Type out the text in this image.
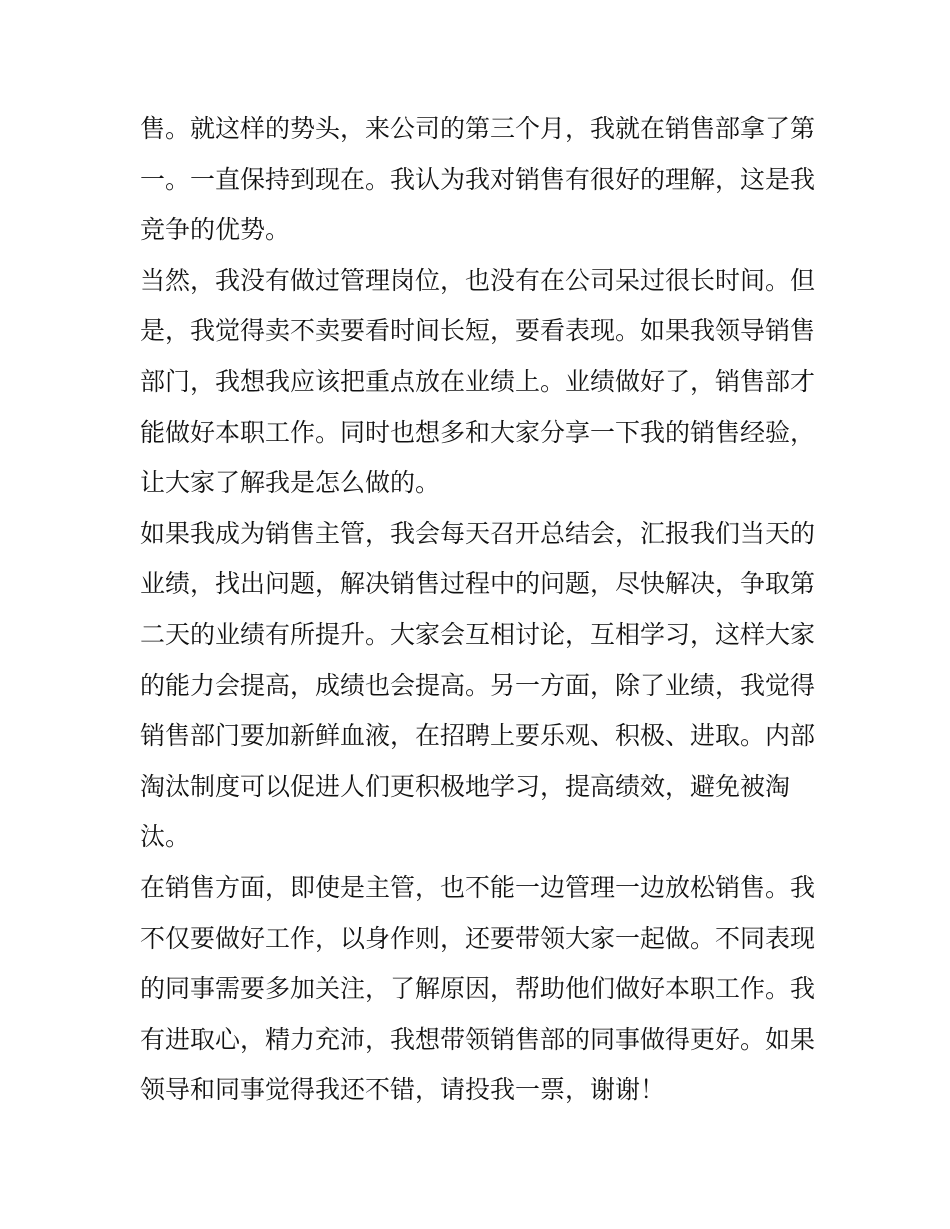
售。就这样的势头，来公司的第三个月，我就在销售部拿了第
一。一直保持到现在。我认为我对销售有很好的理解，这是我
竞争的优势。
当然，我没有做过管理岗位，也没有在公司呆过很长时间。但
是，我觉得卖不卖要看时间长短，要看表现。如果我领导销售
部门，我想我应该把重点放在业绩上。业绩做好了，销售部才
能做好本职工作。同时也想多和大家分享一下我的销售经验，
让大家了解我是怎么做的。
如果我成为销售主管，我会每天召开总结会，汇报我们当天的
业绩，找出问题，解决销售过程中的问题，尽快解决，争取第
二天的业绩有所提升。大家会互相讨论，互相学习，这样大家
的能力会提高，成绩也会提高。另一方面，除了业绩，我觉得
销售部门要加新鲜血液，在招聘上要乐观、积极、进取。内部
淘汰制度可以促进人们更积极地学习，提高绩效，避免被淘
汰。
在销售方面，即使是主管，也不能一边管理一边放松销售。我
不仅要做好工作，以身作则，还要带领大家一起做。不同表现
的同事需要多加关注，了解原因，帮助他们做好本职工作。我
有进取心，精力充沛，我想带领销售部的同事做得更好。如果
领导和同事觉得我还不错，请投我一票，谢谢！
